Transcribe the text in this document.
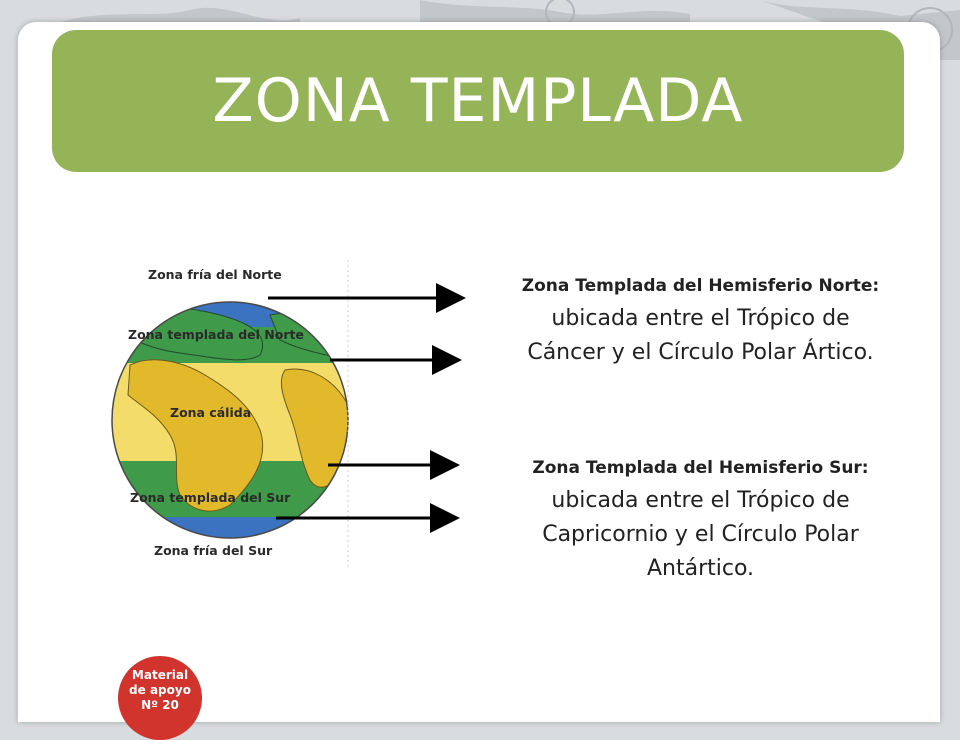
ZONA TEMPLADA
Zona fría del Norte
Zona templada del Norte
Zona cálida
Zona templada del Sur
Zona fría del Sur
Zona Templada del Hemisferio Norte:
ubicada entre el Trópico de
Cáncer y el Círculo Polar Ártico.
Zona Templada del Hemisferio Sur:
ubicada entre el Trópico de
Capricornio y el Círculo Polar
Antártico.
Material
de apoyo
Nº 20
